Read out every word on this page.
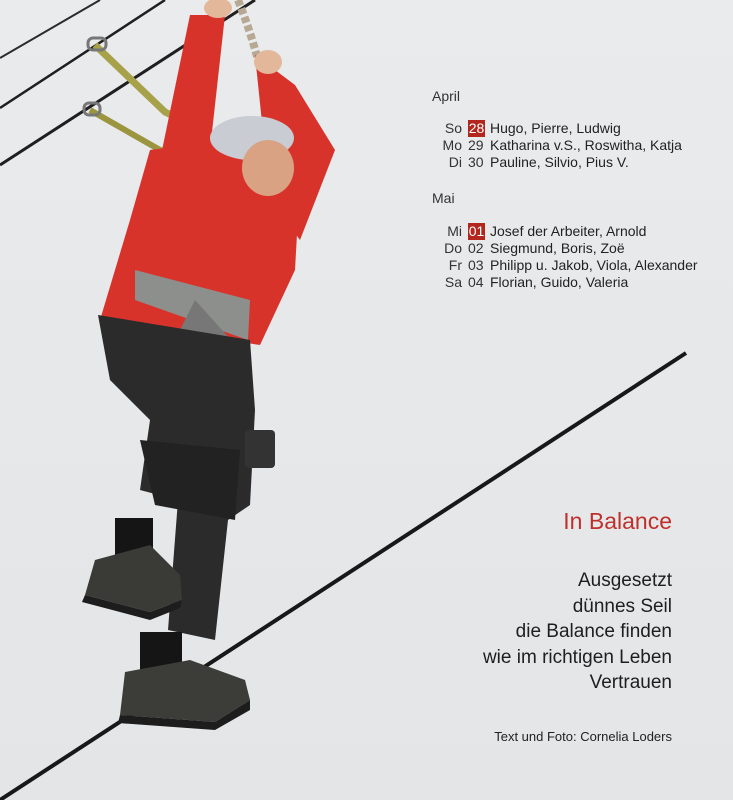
April
So 28 Hugo, Pierre, Ludwig
Mo 29 Katharina v.S., Roswitha, Katja
Di 30 Pauline, Silvio, Pius V.
Mai
Mi 01 Josef der Arbeiter, Arnold
Do 02 Siegmund, Boris, Zoë
Fr 03 Philipp u. Jakob, Viola, Alexander
Sa 04 Florian, Guido, Valeria
In Balance
Ausgesetzt
dünnes Seil
die Balance finden
wie im richtigen Leben
Vertrauen
Text und Foto: Cornelia Loders
